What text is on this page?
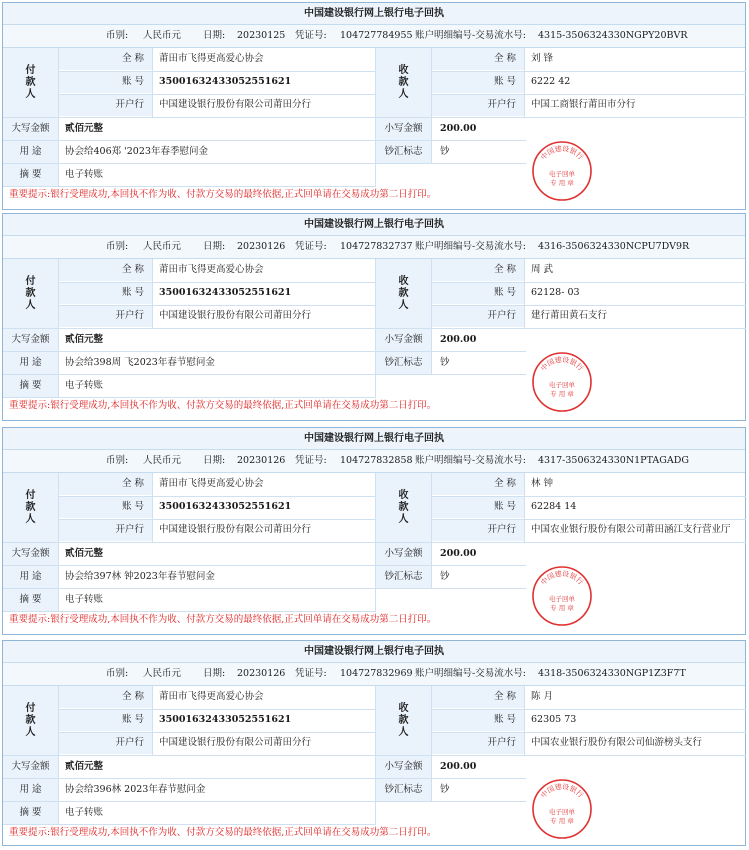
中国建设银行网上银行电子回执
币别: 人民币元 日期: 20230125 凭证号: 104727784955 账户明细编号-交易流水号: 4315-3506324330NGPY20BVR
付
款
人
收
款
人
全 称	莆田市飞得更高爱心协会	全 称	刘 锋
账 号	35001632433052551621	账 号	6222 42
开户行	中国建设银行股份有限公司莆田分行	开户行	中国工商银行莆田市分行
大写金额	贰佰元整	小写金额	200.00
用 途	协会给406郑 '2023年春季慰问金	钞汇标志	钞
摘 要	电子转账
重要提示:银行受理成功,本回执不作为收、付款方交易的最终依据,正式回单请在交易成功第二日打印。
中国建设银行
电子回单
专 用 章
中国建设银行网上银行电子回执
币别: 人民币元 日期: 20230126 凭证号: 104727832737 账户明细编号-交易流水号: 4316-3506324330NCPU7DV9R
付
款
人
收
款
人
全 称	莆田市飞得更高爱心协会	全 称	周 武
账 号	35001632433052551621	账 号	62128- 03
开户行	中国建设银行股份有限公司莆田分行	开户行	建行莆田黄石支行
大写金额	贰佰元整	小写金额	200.00
用 途	协会给398周 飞2023年春节慰问金	钞汇标志	钞
摘 要	电子转账
重要提示:银行受理成功,本回执不作为收、付款方交易的最终依据,正式回单请在交易成功第二日打印。
中国建设银行
电子回单
专 用 章
中国建设银行网上银行电子回执
币别: 人民币元 日期: 20230126 凭证号: 104727832858 账户明细编号-交易流水号: 4317-3506324330N1PTAGADG
付
款
人
收
款
人
全 称	莆田市飞得更高爱心协会	全 称	林 钟
账 号	35001632433052551621	账 号	62284 14
开户行	中国建设银行股份有限公司莆田分行	开户行	中国农业银行股份有限公司莆田涵江支行营业厅
大写金额	贰佰元整	小写金额	200.00
用 途	协会给397林 钟2023年春节慰问金	钞汇标志	钞
摘 要	电子转账
重要提示:银行受理成功,本回执不作为收、付款方交易的最终依据,正式回单请在交易成功第二日打印。
中国建设银行
电子回单
专 用 章
中国建设银行网上银行电子回执
币别: 人民币元 日期: 20230126 凭证号: 104727832969 账户明细编号-交易流水号: 4318-3506324330NGP1Z3F7T
付
款
人
收
款
人
全 称	莆田市飞得更高爱心协会	全 称	陈 月
账 号	35001632433052551621	账 号	62305 73
开户行	中国建设银行股份有限公司莆田分行	开户行	中国农业银行股份有限公司仙游榜头支行
大写金额	贰佰元整	小写金额	200.00
用 途	协会给396林 2023年春节慰问金	钞汇标志	钞
摘 要	电子转账
重要提示:银行受理成功,本回执不作为收、付款方交易的最终依据,正式回单请在交易成功第二日打印。
中国建设银行
电子回单
专 用 章
